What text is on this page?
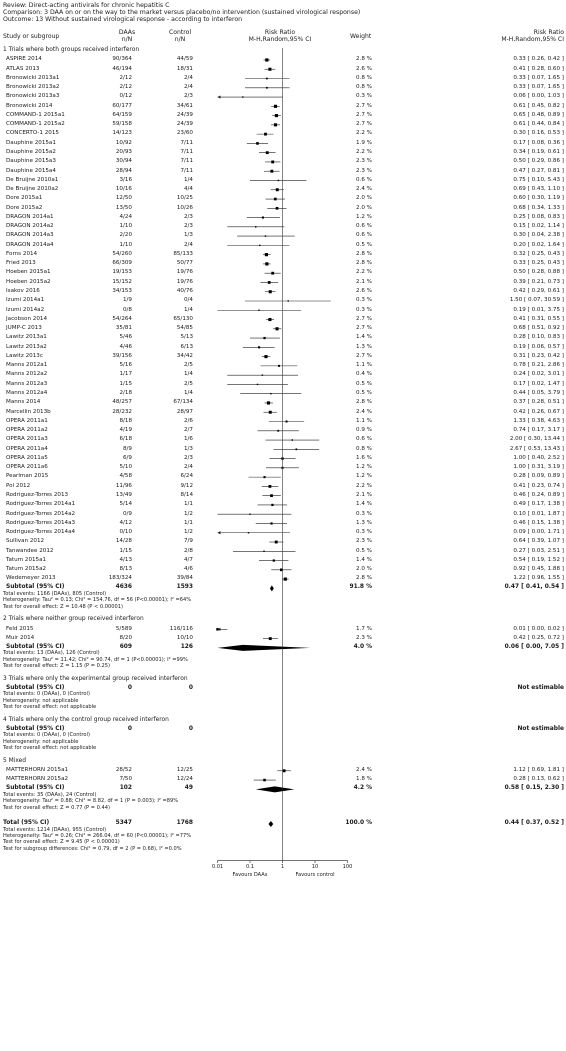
Review: Direct-acting antivirals for chronic hepatitis C
Comparison: 3 DAA on or on the way to the market versus placebo/no intervention (sustained virological response)
Outcome: 13 Without sustained virological response - according to interferon
Study or subgroup
DAAs
n/N
Control
n/N
Risk Ratio
M-H,Random,95% CI	Weight
Risk Ratio
M-H,Random,95% CI
1 Trials where both groups received interferon
ASPIRE 2014	90/364	44/59	2.8 %	0.33 [ 0.26, 0.42 ]
ATLAS 2013	46/194	18/31	2.6 %	0.41 [ 0.28, 0.60 ]
Bronowicki 2013a1	2/12	2/4	0.8 %	0.33 [ 0.07, 1.65 ]
Bronowicki 2013a2	2/12	2/4	0.8 %	0.33 [ 0.07, 1.65 ]
Bronowicki 2013a3	0/12	2/3	0.3 %	0.06 [ 0.00, 1.03 ]
Bronowicki 2014	60/177	34/61	2.7 %	0.61 [ 0.45, 0.82 ]
COMMAND-1 2015a1	64/159	24/39	2.7 %	0.65 [ 0.48, 0.89 ]
COMMAND-1 2015a2	59/158	24/39	2.7 %	0.61 [ 0.44, 0.84 ]
CONCERTO-1 2015	14/123	23/60	2.2 %	0.30 [ 0.16, 0.53 ]
Dauphine 2015a1	10/92	7/11	1.9 %	0.17 [ 0.08, 0.36 ]
Dauphine 2015a2	20/93	7/11	2.2 %	0.34 [ 0.19, 0.61 ]
Dauphine 2015a3	30/94	7/11	2.3 %	0.50 [ 0.29, 0.86 ]
Dauphine 2015a4	28/94	7/11	2.3 %	0.47 [ 0.27, 0.81 ]
De Bruijne 2010a1	3/16	1/4	0.6 %	0.75 [ 0.10, 5.43 ]
De Bruijne 2010a2	10/16	4/4	2.4 %	0.69 [ 0.43, 1.10 ]
Dore 2015a1	12/50	10/25	2.0 %	0.60 [ 0.30, 1.19 ]
Dore 2015a2	13/50	10/26	2.0 %	0.68 [ 0.34, 1.33 ]
DRAGON 2014a1	4/24	2/3	1.2 %	0.25 [ 0.08, 0.83 ]
DRAGON 2014a2	1/10	2/3	0.6 %	0.15 [ 0.02, 1.14 ]
DRAGON 2014a3	2/20	1/3	0.6 %	0.30 [ 0.04, 2.38 ]
DRAGON 2014a4	1/10	2/4	0.5 %	0.20 [ 0.02, 1.64 ]
Forns 2014	54/260	85/133	2.8 %	0.32 [ 0.25, 0.43 ]
Fried 2013	66/309	50/77	2.8 %	0.33 [ 0.25, 0.43 ]
Hoeben 2015a1	19/153	19/76	2.2 %	0.50 [ 0.28, 0.88 ]
Hoeben 2015a2	15/152	19/76	2.1 %	0.39 [ 0.21, 0.73 ]
Isakov 2016	34/153	40/76	2.6 %	0.42 [ 0.29, 0.61 ]
Izumi 2014a1	1/9	0/4	0.3 %	1.50 [ 0.07, 30.59 ]
Izumi 2014a2	0/8	1/4	0.3 %	0.19 [ 0.01, 3.75 ]
Jacobson 2014	54/264	65/130	2.7 %	0.41 [ 0.31, 0.55 ]
JUMP-C 2013	35/81	54/85	2.7 %	0.68 [ 0.51, 0.92 ]
Lawitz 2013a1	5/46	5/13	1.4 %	0.28 [ 0.10, 0.83 ]
Lawitz 2013a2	4/46	6/13	1.3 %	0.19 [ 0.06, 0.57 ]
Lawitz 2013c	39/156	34/42	2.7 %	0.31 [ 0.23, 0.42 ]
Manns 2012a1	5/16	2/5	1.1 %	0.78 [ 0.21, 2.86 ]
Manns 2012a2	1/17	1/4	0.4 %	0.24 [ 0.02, 3.01 ]
Manns 2012a3	1/15	2/5	0.5 %	0.17 [ 0.02, 1.47 ]
Manns 2012a4	2/18	1/4	0.5 %	0.44 [ 0.05, 3.79 ]
Manns 2014	48/257	67/134	2.8 %	0.37 [ 0.28, 0.51 ]
Marcellin 2013b	28/232	28/97	2.4 %	0.42 [ 0.26, 0.67 ]
OPERA 2011a1	8/18	2/6	1.1 %	1.33 [ 0.38, 4.63 ]
OPERA 2011a2	4/19	2/7	0.9 %	0.74 [ 0.17, 3.17 ]
OPERA 2011a3	6/18	1/6	0.6 %	2.00 [ 0.30, 13.44 ]
OPERA 2011a4	8/9	1/3	0.8 %	2.67 [ 0.53, 13.43 ]
OPERA 2011a5	6/9	2/3	1.6 %	1.00 [ 0.40, 2.52 ]
OPERA 2011a6	5/10	2/4	1.2 %	1.00 [ 0.31, 3.19 ]
Pearlman 2015	4/58	6/24	1.2 %	0.28 [ 0.09, 0.89 ]
Pol 2012	11/96	9/12	2.2 %	0.41 [ 0.23, 0.74 ]
Rodriguez-Torres 2013	13/49	8/14	2.1 %	0.46 [ 0.24, 0.89 ]
Rodriguez-Torres 2014a1	5/14	1/1	1.4 %	0.49 [ 0.17, 1.38 ]
Rodriguez-Torres 2014a2	0/9	1/2	0.3 %	0.10 [ 0.01, 1.87 ]
Rodriguez-Torres 2014a3	4/12	1/1	1.3 %	0.46 [ 0.15, 1.38 ]
Rodriguez-Torres 2014a4	0/10	1/2	0.3 %	0.09 [ 0.00, 1.71 ]
Sullivan 2012	14/28	7/9	2.3 %	0.64 [ 0.39, 1.07 ]
Tanwandee 2012	1/15	2/8	0.5 %	0.27 [ 0.03, 2.51 ]
Tatum 2015a1	4/13	4/7	1.4 %	0.54 [ 0.19, 1.52 ]
Tatum 2015a2	8/13	4/6	2.0 %	0.92 [ 0.45, 1.88 ]
Wedemeyer 2013	183/324	39/84	2.8 %	1.22 [ 0.96, 1.55 ]
Subtotal (95% CI)	4636	1593	91.8 %	0.47 [ 0.41, 0.54 ]
Total events: 1166 (DAAs), 805 (Control)
Heterogeneity: Tau² = 0.13; Chi² = 154.76, df = 56 (P<0.00001); I² =64%
Test for overall effect: Z = 10.48 (P < 0.00001)
2 Trials where neither group received interferon
Feld 2015	5/589	116/116	1.7 %	0.01 [ 0.00, 0.02 ]
Muir 2014	8/20	10/10	2.3 %	0.42 [ 0.25, 0.72 ]
Subtotal (95% CI)	609	126	4.0 %	0.06 [ 0.00, 7.05 ]
Total events: 13 (DAAs), 126 (Control)
Heterogeneity: Tau² = 11.42; Chi² = 90.74, df = 1 (P<0.00001); I² =99%
Test for overall effect: Z = 1.15 (P = 0.25)
3 Trials where only the experimental group received interferon
Subtotal (95% CI)	0	0	Not estimable
Total events: 0 (DAAs), 0 (Control)
Heterogeneity: not applicable
Test for overall effect: not applicable
4 Trials where only the control group received interferon
Subtotal (95% CI)	0	0	Not estimable
Total events: 0 (DAAs), 0 (Control)
Heterogeneity: not applicable
Test for overall effect: not applicable
5 Mixed
MATTERHORN 2015a1	28/52	12/25	2.4 %	1.12 [ 0.69, 1.81 ]
MATTERHORN 2015a2	7/50	12/24	1.8 %	0.28 [ 0.13, 0.62 ]
Subtotal (95% CI)	102	49	4.2 %	0.58 [ 0.15, 2.30 ]
Total events: 35 (DAAs), 24 (Control)
Heterogeneity: Tau² = 0.88; Chi² = 8.82, df = 1 (P = 0.003); I² =89%
Test for overall effect: Z = 0.77 (P = 0.44)
Total (95% CI)	5347	1768	100.0 %	0.44 [ 0.37, 0.52 ]
Total events: 1214 (DAAs), 955 (Control)
Heterogeneity: Tau² = 0.26; Chi² = 266.04, df = 60 (P<0.00001); I² =77%
Test for overall effect: Z = 9.45 (P < 0.00001)
Test for subgroup differences: Chi² = 0.79, df = 2 (P = 0.68), I² =0.0%
0.01	0.1	1	10	100
Favours DAAs	Favours control
